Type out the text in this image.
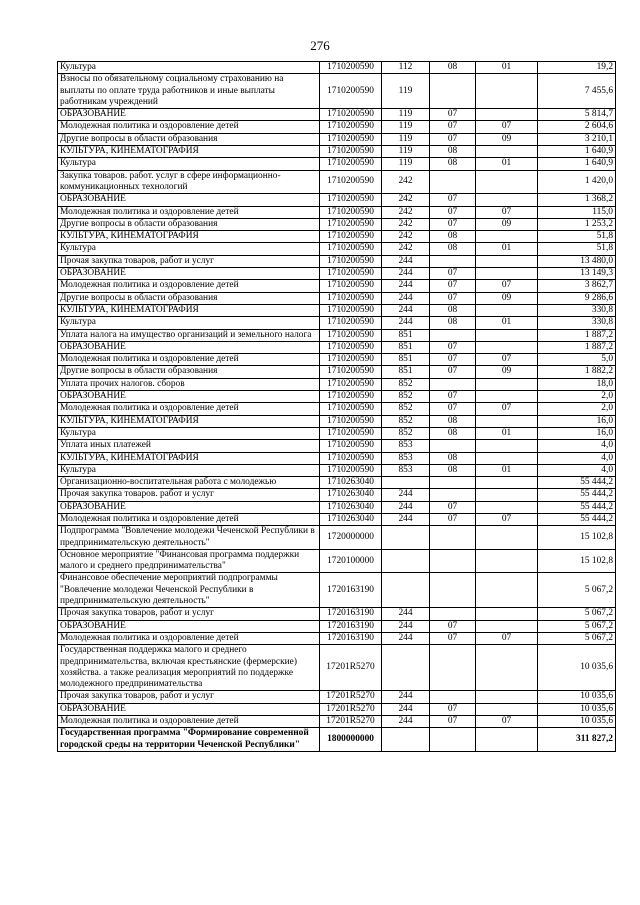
276
Культура	1710200590	112	08	01	19,2
Взносы по обязательному социальному страхованию на выплаты по оплате труда работников и иные выплаты работникам учреждений	1710200590	119			7 455,6
ОБРАЗОВАНИЕ	1710200590	119	07		5 814,7
Молодежная политика и оздоровление детей	1710200590	119	07	07	2 604,6
Другие вопросы в области образования	1710200590	119	07	09	3 210,1
КУЛЬТУРА, КИНЕМАТОГРАФИЯ	1710200590	119	08		1 640,9
Культура	1710200590	119	08	01	1 640,9
Закупка товаров. работ. услуг в сфере информационно-коммуникационных технологий	1710200590	242			1 420,0
ОБРАЗОВАНИЕ	1710200590	242	07		1 368,2
Молодежная политика и оздоровление детей	1710200590	242	07	07	115,0
Другие вопросы в области образования	1710200590	242	07	09	1 253,2
КУЛЬТУРА, КИНЕМАТОГРАФИЯ	1710200590	242	08		51,8
Культура	1710200590	242	08	01	51,8
Прочая закупка товаров, работ и услуг	1710200590	244			13 480,0
ОБРАЗОВАНИЕ	1710200590	244	07		13 149,3
Молодежная политика и оздоровление детей	1710200590	244	07	07	3 862,7
Другие вопросы в области образования	1710200590	244	07	09	9 286,6
КУЛЬТУРА, КИНЕМАТОГРАФИЯ	1710200590	244	08		330,8
Культура	1710200590	244	08	01	330,8
Уплата налога на имущество организаций и земельного налога	1710200590	851			1 887,2
ОБРАЗОВАНИЕ	1710200590	851	07		1 887,2
Молодежная политика и оздоровление детей	1710200590	851	07	07	5,0
Другие вопросы в области образования	1710200590	851	07	09	1 882,2
Уплата прочих налогов. сборов	1710200590	852			18,0
ОБРАЗОВАНИЕ	1710200590	852	07		2,0
Молодежная политика и оздоровление детей	1710200590	852	07	07	2,0
КУЛЬТУРА, КИНЕМАТОГРАФИЯ	1710200590	852	08		16,0
Культура	1710200590	852	08	01	16,0
Уплата иных платежей	1710200590	853			4,0
КУЛЬТУРА, КИНЕМАТОГРАФИЯ	1710200590	853	08		4,0
Культура	1710200590	853	08	01	4,0
Организационно-воспитательная работа с молодежью	1710263040				55 444,2
Прочая закупка товаров. работ и услуг	1710263040	244			55 444,2
ОБРАЗОВАНИЕ	1710263040	244	07		55 444,2
Молодежная политика и оздоровление детей	1710263040	244	07	07	55 444,2
Подпрограмма "Вовлечение молодежи Чеченской Республики в предпринимательскую деятельность"	1720000000				15 102,8
Основное мероприятие "Финансовая программа поддержки малого и среднего предпринимательства"	1720100000				15 102,8
Финансовое обеспечение мероприятий подпрограммы "Вовлечение молодежи Чеченской Республики в предпринимательскую деятельность"	1720163190				5 067,2
Прочая закупка товаров, работ и услуг	1720163190	244			5 067,2
ОБРАЗОВАНИЕ	1720163190	244	07		5 067,2
Молодежная политика и оздоровление детей	1720163190	244	07	07	5 067,2
Государственная поддержка малого и среднего предпринимательства, включая крестьянские (фермерские) хозяйства. а также реализация мероприятий по поддержке молодежного предпринимательства	17201R5270				10 035,6
Прочая закупка товаров, работ и услуг	17201R5270	244			10 035,6
ОБРАЗОВАНИЕ	17201R5270	244	07		10 035,6
Молодежная политика и оздоровление детей	17201R5270	244	07	07	10 035,6
Государственная программа "Формирование современной городской среды на территории Чеченской Республики"	1800000000				311 827,2
